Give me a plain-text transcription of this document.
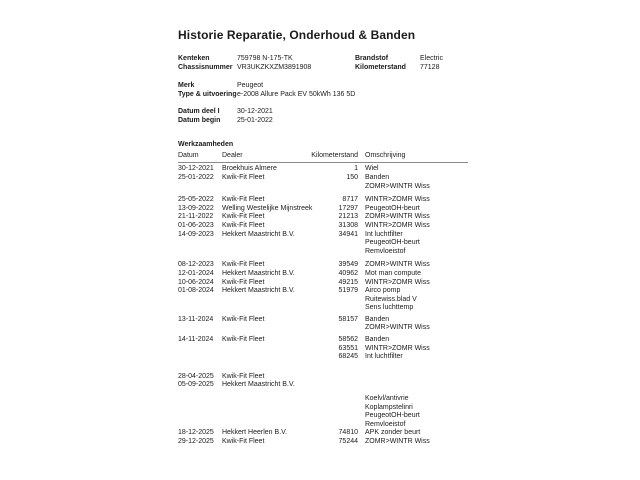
Historie Reparatie, Onderhoud & Banden
Kenteken	759798 N-175-TK	Brandstof	Electric
Chassisnummer VR3UKZKXZM3891908	Kilometerstand	77128
Merk	Peugeot
Type & uitvoering e-2008 Allure Pack EV 50kWh 136 5D
Datum deel I	30-12-2021
Datum begin	25-01-2022
Werkzaamheden
Datum	Dealer	Kilometerstand Omschrijving
30-12-2021	Broekhuis Almere	1 Wiel
25-01-2022	Kwik-Fit Fleet	150 Banden
ZOMR>WINTR Wiss
25-05-2022	Kwik-Fit Fleet	8717 WINTR>ZOMR Wiss
13-09-2022	Welling Westelijke Mijnstreek	17297 PeugeotOH-beurt
21-11-2022	Kwik-Fit Fleet	21213 ZOMR>WINTR Wiss
01-06-2023	Kwik-Fit Fleet	31308 WINTR>ZOMR Wiss
14-09-2023	Hekkert Maastricht B.V.	34941 Int luchtfilter
PeugeotOH-beurt
Remvloeistof
08-12-2023	Kwik-Fit Fleet	39549 ZOMR>WINTR Wiss
12-01-2024	Hekkert Maastricht B.V.	40962 Mot man compute
10-06-2024	Kwik-Fit Fleet	49215 WINTR>ZOMR Wiss
01-08-2024	Hekkert Maastricht B.V.	51979 Airco pomp
Ruitewiss.blad V
Sens luchttemp
13-11-2024	Kwik-Fit Fleet	58157 Banden
ZOMR>WINTR Wiss
14-11-2024	Kwik-Fit Fleet	58562 Banden
63551 WINTR>ZOMR Wiss
68245 Int luchtfilter
28-04-2025	Kwik-Fit Fleet
05-09-2025	Hekkert Maastricht B.V.
Koelvl/antivrie
Koplampstelinri
PeugeotOH-beurt
Remvloeistof
18-12-2025	Hekkert Heerlen B.V.	74810 APK zonder beurt
29-12-2025	Kwik-Fit Fleet	75244 ZOMR>WINTR Wiss
